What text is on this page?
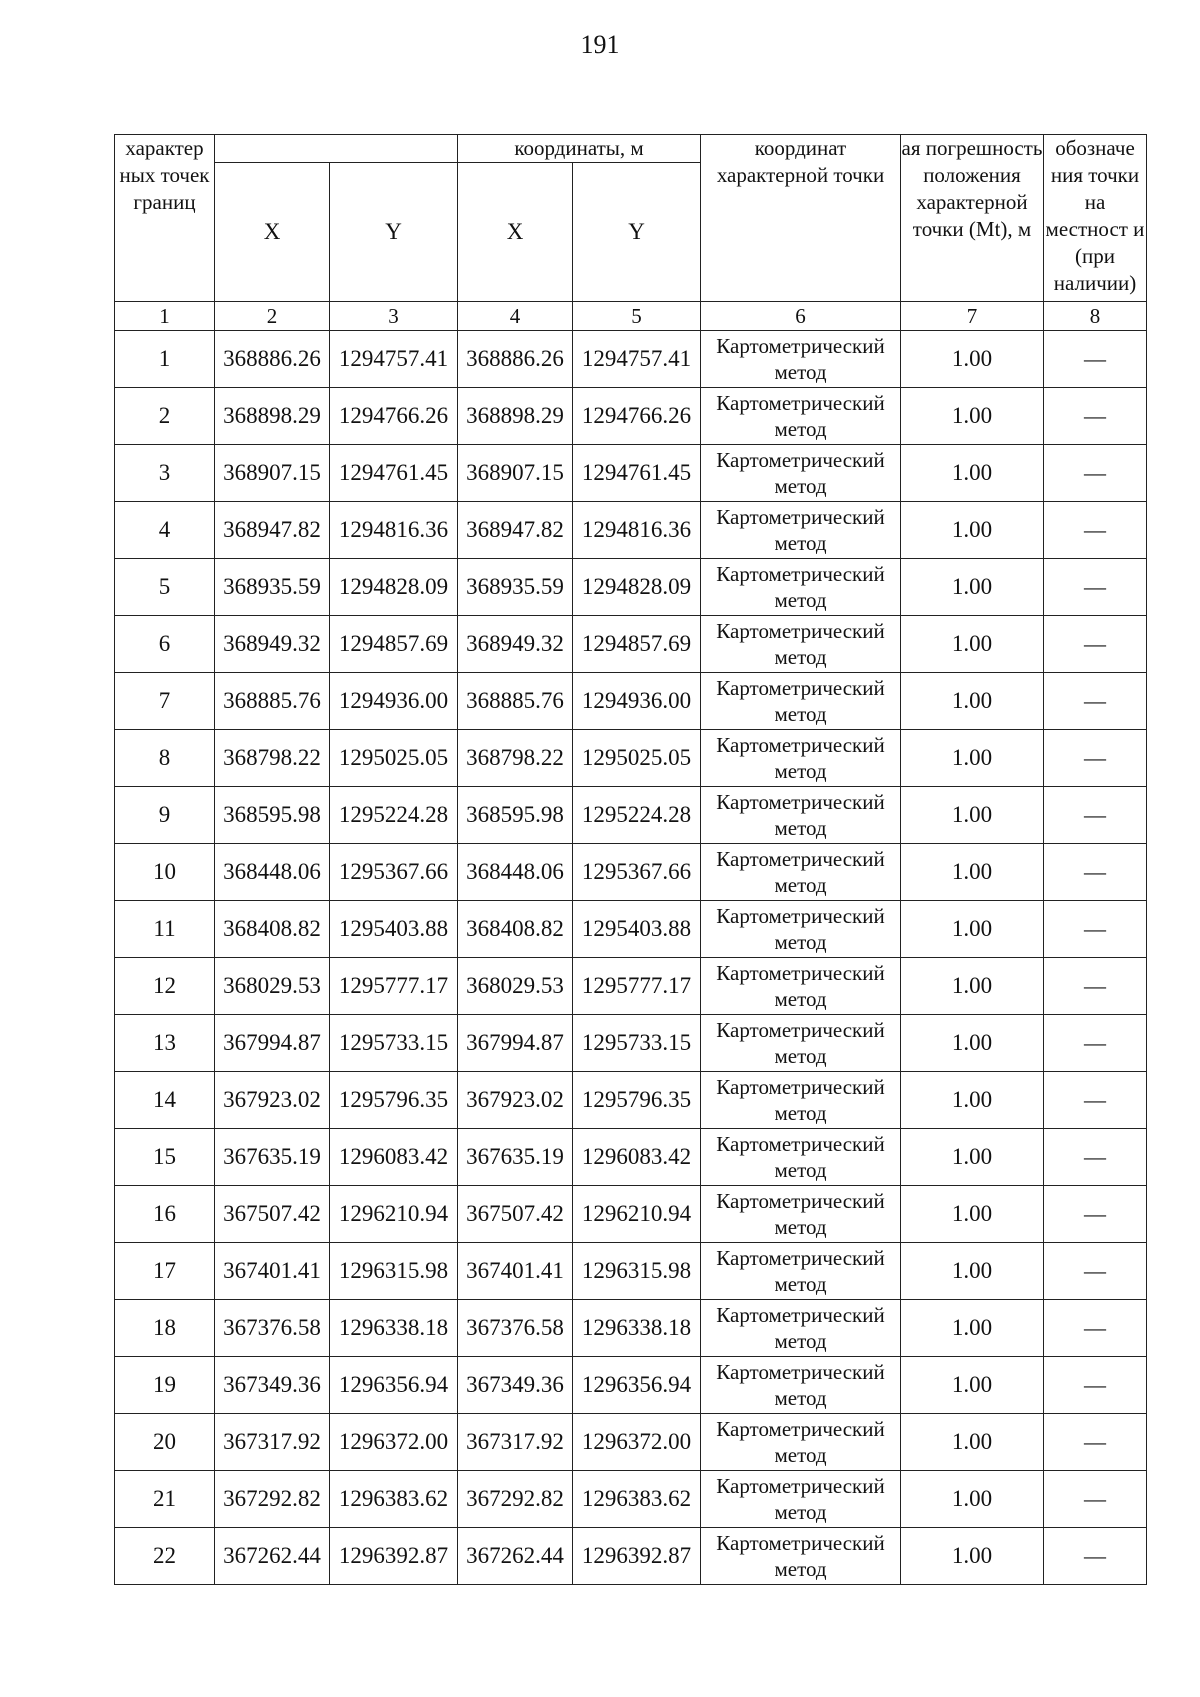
191
характер ных точек границ			координаты, м		координат характерной точки	ая погрешность положения характерной точки (Mt), м	обозначе ния точки на местност и (при наличии)
	X	Y	X	Y			
1	2	3	4	5	6	7	8
1	368886.26	1294757.41	368886.26	1294757.41	Картометрический метод	1.00	—
2	368898.29	1294766.26	368898.29	1294766.26	Картометрический метод	1.00	—
3	368907.15	1294761.45	368907.15	1294761.45	Картометрический метод	1.00	—
4	368947.82	1294816.36	368947.82	1294816.36	Картометрический метод	1.00	—
5	368935.59	1294828.09	368935.59	1294828.09	Картометрический метод	1.00	—
6	368949.32	1294857.69	368949.32	1294857.69	Картометрический метод	1.00	—
7	368885.76	1294936.00	368885.76	1294936.00	Картометрический метод	1.00	—
8	368798.22	1295025.05	368798.22	1295025.05	Картометрический метод	1.00	—
9	368595.98	1295224.28	368595.98	1295224.28	Картометрический метод	1.00	—
10	368448.06	1295367.66	368448.06	1295367.66	Картометрический метод	1.00	—
11	368408.82	1295403.88	368408.82	1295403.88	Картометрический метод	1.00	—
12	368029.53	1295777.17	368029.53	1295777.17	Картометрический метод	1.00	—
13	367994.87	1295733.15	367994.87	1295733.15	Картометрический метод	1.00	—
14	367923.02	1295796.35	367923.02	1295796.35	Картометрический метод	1.00	—
15	367635.19	1296083.42	367635.19	1296083.42	Картометрический метод	1.00	—
16	367507.42	1296210.94	367507.42	1296210.94	Картометрический метод	1.00	—
17	367401.41	1296315.98	367401.41	1296315.98	Картометрический метод	1.00	—
18	367376.58	1296338.18	367376.58	1296338.18	Картометрический метод	1.00	—
19	367349.36	1296356.94	367349.36	1296356.94	Картометрический метод	1.00	—
20	367317.92	1296372.00	367317.92	1296372.00	Картометрический метод	1.00	—
21	367292.82	1296383.62	367292.82	1296383.62	Картометрический метод	1.00	—
22	367262.44	1296392.87	367262.44	1296392.87	Картометрический метод	1.00	—
